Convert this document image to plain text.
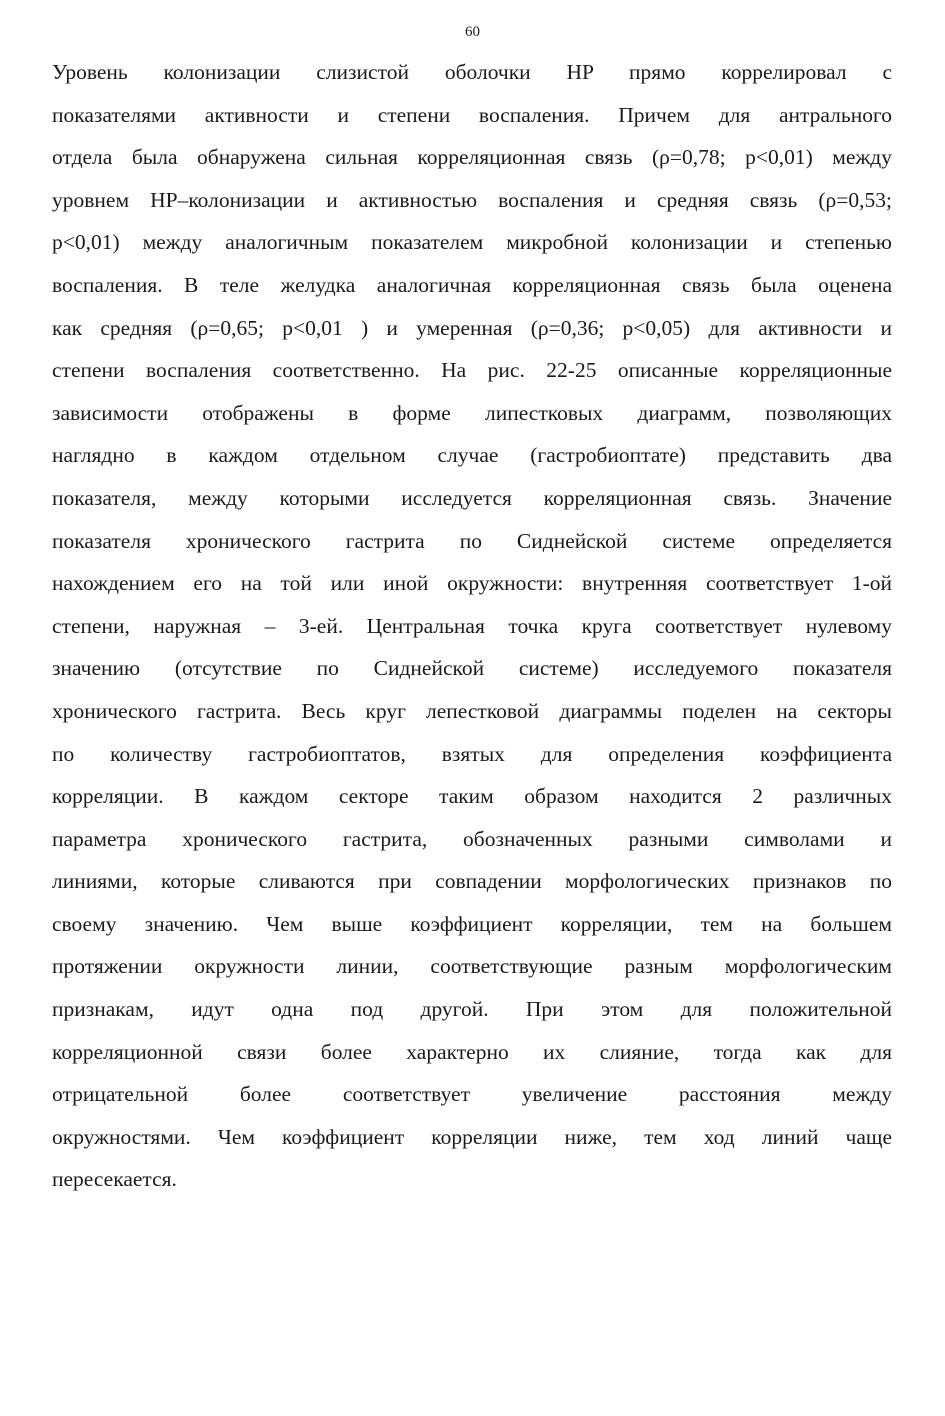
60
Уровень колонизации слизистой оболочки HP прямо коррелировал с
показателями активности и степени воспаления. Причем для антрального
отдела была обнаружена сильная корреляционная связь (ρ=0,78; p<0,01) между
уровнем HP–колонизации и активностью воспаления и средняя связь (ρ=0,53;
p<0,01) между аналогичным показателем микробной колонизации и степенью
воспаления. В теле желудка аналогичная корреляционная связь была оценена
как средняя (ρ=0,65; p<0,01 ) и умеренная (ρ=0,36; p<0,05) для активности и
степени воспаления соответственно. На рис. 22-25 описанные корреляционные
зависимости отображены в форме липестковых диаграмм, позволяющих
наглядно в каждом отдельном случае (гастробиоптате) представить два
показателя, между которыми исследуется корреляционная связь. Значение
показателя хронического гастрита по Сиднейской системе определяется
нахождением его на той или иной окружности: внутренняя соответствует 1-ой
степени, наружная – 3-ей. Центральная точка круга соответствует нулевому
значению (отсутствие по Сиднейской системе) исследуемого показателя
хронического гастрита. Весь круг лепестковой диаграммы поделен на секторы
по количеству гастробиоптатов, взятых для определения коэффициента
корреляции. В каждом секторе таким образом находится 2 различных
параметра хронического гастрита, обозначенных разными символами и
линиями, которые сливаются при совпадении морфологических признаков по
своему значению. Чем выше коэффициент корреляции, тем на большем
протяжении окружности линии, соответствующие разным морфологическим
признакам, идут одна под другой. При этом для положительной
корреляционной связи более характерно их слияние, тогда как для
отрицательной более соответствует увеличение расстояния между
окружностями. Чем коэффициент корреляции ниже, тем ход линий чаще
пересекается.
